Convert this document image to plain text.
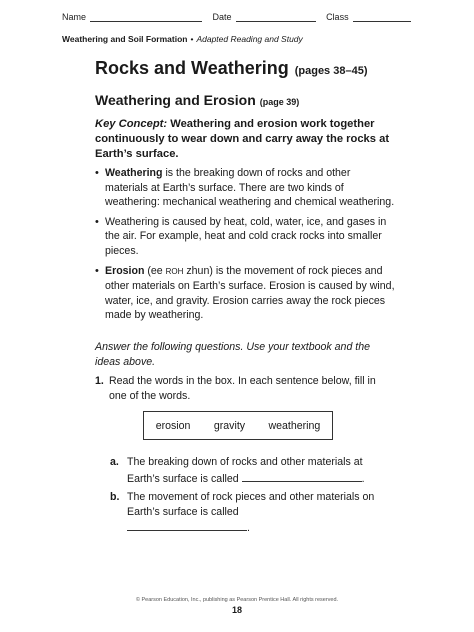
Name	Date	Class
Weathering and Soil Formation • Adapted Reading and Study
Rocks and Weathering (pages 38–45)
Weathering and Erosion (page 39)
Key Concept: Weathering and erosion work together continuously to wear down and carry away the rocks at Earth’s surface.
• Weathering is the breaking down of rocks and other materials at Earth’s surface. There are two kinds of weathering: mechanical weathering and chemical weathering.
• Weathering is caused by heat, cold, water, ice, and gases in the air. For example, heat and cold crack rocks into smaller pieces.
• Erosion (ee ROH zhun) is the movement of rock pieces and other materials on Earth’s surface. Erosion is caused by wind, water, ice, and gravity. Erosion carries away the rock pieces made by weathering.
Answer the following questions. Use your textbook and the ideas above.
1. Read the words in the box. In each sentence below, fill in one of the words.
erosion gravity weathering
a. The breaking down of rocks and other materials at Earth’s surface is called	.
b. The movement of rock pieces and other materials on Earth’s surface is called
.
© Pearson Education, Inc., publishing as Pearson Prentice Hall. All rights reserved.
18
